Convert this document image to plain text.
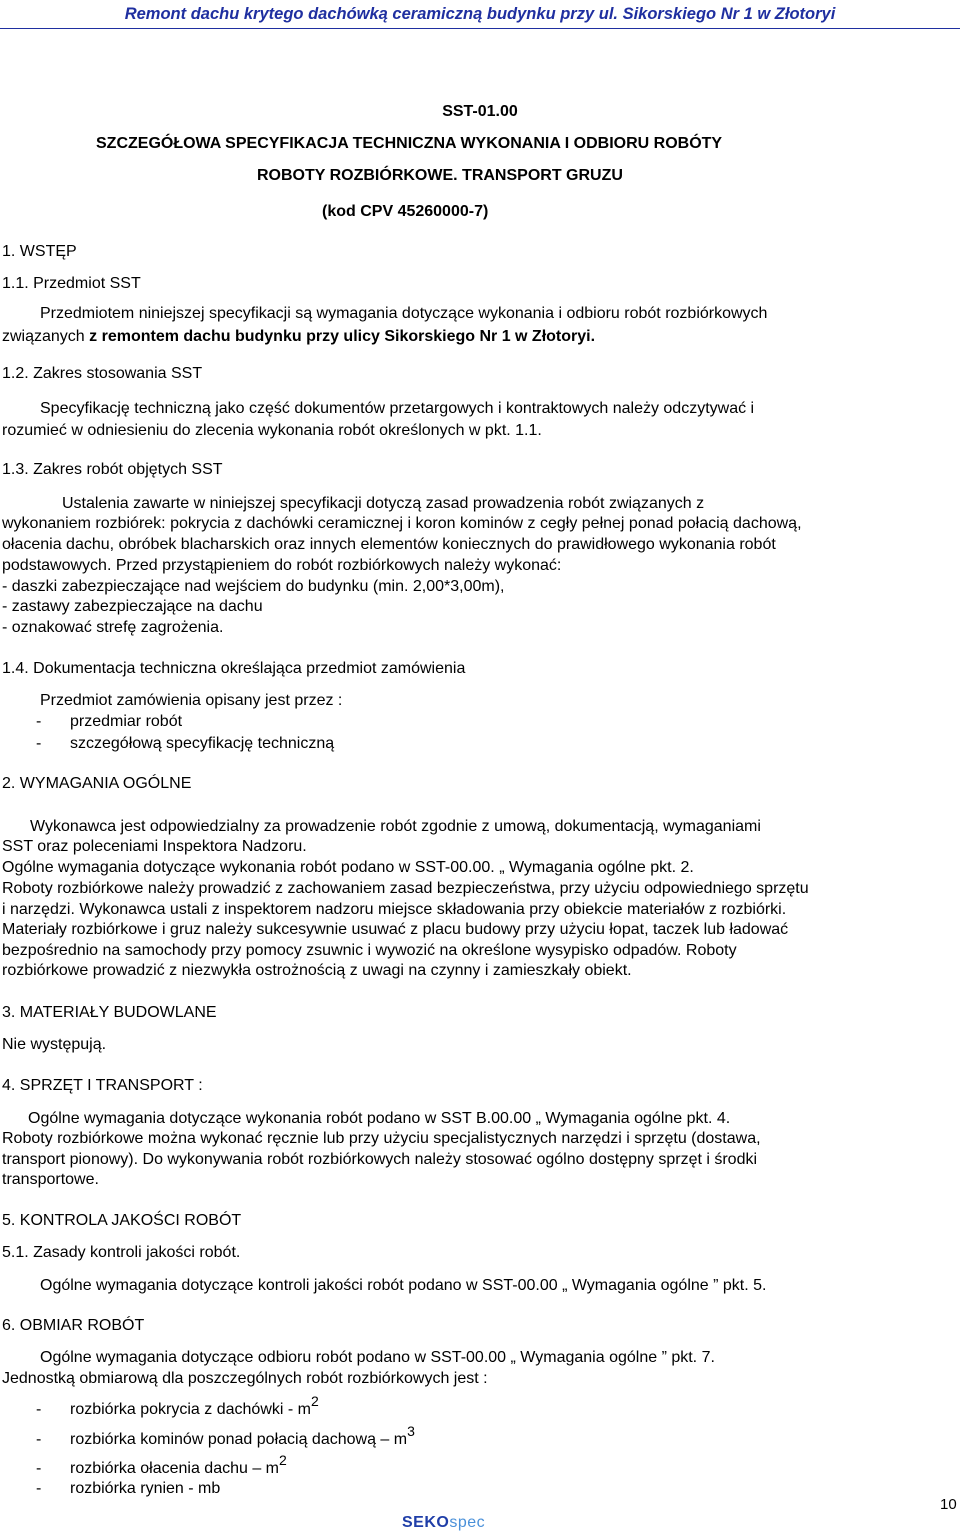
Remont dachu krytego dachówką ceramiczną budynku przy ul. Sikorskiego Nr 1 w Złotoryi
SST-01.00
SZCZEGÓŁOWA SPECYFIKACJA TECHNICZNA WYKONANIA I ODBIORU ROBÓTY
ROBOTY ROZBIÓRKOWE. TRANSPORT GRUZU
(kod CPV 45260000-7)
1. WSTĘP
1.1. Przedmiot SST
Przedmiotem niniejszej specyfikacji są wymagania dotyczące wykonania i odbioru robót rozbiórkowych
związanych z remontem dachu budynku przy ulicy Sikorskiego Nr 1 w Złotoryi.
1.2. Zakres stosowania SST
Specyfikację techniczną jako część dokumentów przetargowych i kontraktowych należy odczytywać i
rozumieć w odniesieniu do zlecenia wykonania robót określonych w pkt. 1.1.
1.3. Zakres robót objętych SST
Ustalenia zawarte w niniejszej specyfikacji dotyczą zasad prowadzenia robót związanych z
wykonaniem rozbiórek: pokrycia z dachówki ceramicznej i koron kominów z cegły pełnej ponad połacią dachową,
ołacenia dachu, obróbek blacharskich oraz innych elementów koniecznych do prawidłowego wykonania robót
podstawowych. Przed przystąpieniem do robót rozbiórkowych należy wykonać:
- daszki zabezpieczające nad wejściem do budynku (min. 2,00*3,00m),
- zastawy zabezpieczające na dachu
- oznakować strefę zagrożenia.
1.4. Dokumentacja techniczna określająca przedmiot zamówienia
Przedmiot zamówienia opisany jest przez :
- przedmiar robót
- szczegółową specyfikację techniczną
2. WYMAGANIA OGÓLNE
Wykonawca jest odpowiedzialny za prowadzenie robót zgodnie z umową, dokumentacją, wymaganiami
SST oraz poleceniami Inspektora Nadzoru.
Ogólne wymagania dotyczące wykonania robót podano w SST-00.00. „ Wymagania ogólne pkt. 2.
Roboty rozbiórkowe należy prowadzić z zachowaniem zasad bezpieczeństwa, przy użyciu odpowiedniego sprzętu
i narzędzi. Wykonawca ustali z inspektorem nadzoru miejsce składowania przy obiekcie materiałów z rozbiórki.
Materiały rozbiórkowe i gruz należy sukcesywnie usuwać z placu budowy przy użyciu łopat, taczek lub ładować
bezpośrednio na samochody przy pomocy zsuwnic i wywozić na określone wysypisko odpadów. Roboty
rozbiórkowe prowadzić z niezwykła ostrożnością z uwagi na czynny i zamieszkały obiekt.
3. MATERIAŁY BUDOWLANE
Nie występują.
4. SPRZĘT I TRANSPORT :
Ogólne wymagania dotyczące wykonania robót podano w SST B.00.00 „ Wymagania ogólne pkt. 4.
Roboty rozbiórkowe można wykonać ręcznie lub przy użyciu specjalistycznych narzędzi i sprzętu (dostawa,
transport pionowy). Do wykonywania robót rozbiórkowych należy stosować ogólno dostępny sprzęt i środki
transportowe.
5. KONTROLA JAKOŚCI ROBÓT
5.1. Zasady kontroli jakości robót.
Ogólne wymagania dotyczące kontroli jakości robót podano w SST-00.00 „ Wymagania ogólne ” pkt. 5.
6. OBMIAR ROBÓT
Ogólne wymagania dotyczące odbioru robót podano w SST-00.00 „ Wymagania ogólne ” pkt. 7.
Jednostką obmiarową dla poszczególnych robót rozbiórkowych jest :
- rozbiórka pokrycia z dachówki - $m^2$
- rozbiórka kominów ponad połacią dachową – $m^3$
- rozbiórka ołacenia dachu – $m^2$
- rozbiórka rynien - mb
SEKOspec
10
